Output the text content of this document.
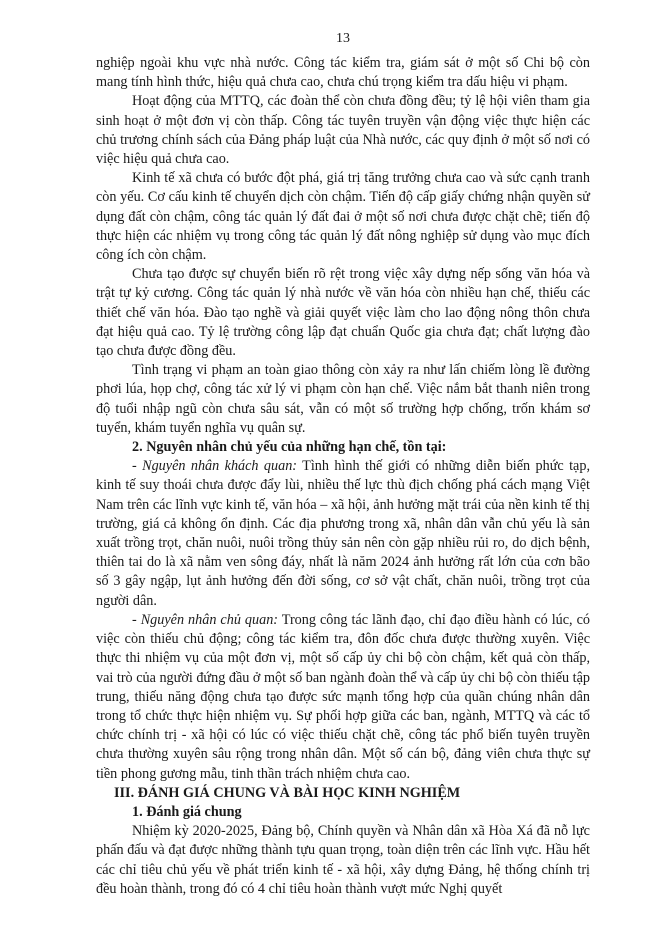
13

nghiệp ngoài khu vực nhà nước. Công tác kiểm tra, giám sát ở một số Chi bộ còn mang tính hình thức, hiệu quả chưa cao, chưa chú trọng kiểm tra dấu hiệu vi phạm.

Hoạt động của MTTQ, các đoàn thể còn chưa đồng đều; tỷ lệ hội viên tham gia sinh hoạt ở một đơn vị còn thấp. Công tác tuyên truyền vận động việc thực hiện các chủ trương chính sách của Đảng pháp luật của Nhà nước, các quy định ở một số nơi có việc hiệu quả chưa cao.

Kinh tế xã chưa có bước đột phá, giá trị tăng trưởng chưa cao và sức cạnh tranh còn yếu. Cơ cấu kinh tế chuyển dịch còn chậm. Tiến độ cấp giấy chứng nhận quyền sử dụng đất còn chậm, công tác quản lý đất đai ở một số nơi chưa được chặt chẽ; tiến độ thực hiện các nhiệm vụ trong công tác quản lý đất nông nghiệp sử dụng vào mục đích công ích còn chậm.

Chưa tạo được sự chuyển biến rõ rệt trong việc xây dựng nếp sống văn hóa và trật tự kỷ cương. Công tác quản lý nhà nước về văn hóa còn nhiều hạn chế, thiếu các thiết chế văn hóa. Đào tạo nghề và giải quyết việc làm cho lao động nông thôn chưa đạt hiệu quả cao. Tỷ lệ trường công lập đạt chuẩn Quốc gia chưa đạt; chất lượng đào tạo chưa được đồng đều.

Tình trạng vi phạm an toàn giao thông còn xảy ra như lấn chiếm lòng lề đường phơi lúa, họp chợ, công tác xử lý vi phạm còn hạn chế. Việc nắm bắt thanh niên trong độ tuổi nhập ngũ còn chưa sâu sát, vẫn có một số trường hợp chống, trốn khám sơ tuyển, khám tuyển nghĩa vụ quân sự.

2. Nguyên nhân chủ yếu của những hạn chế, tồn tại:

- Nguyên nhân khách quan: Tình hình thế giới có những diễn biến phức tạp, kinh tế suy thoái chưa được đẩy lùi, nhiều thế lực thù địch chống phá cách mạng Việt Nam trên các lĩnh vực kinh tế, văn hóa – xã hội, ảnh hưởng mặt trái của nền kinh tế thị trường, giá cả không ổn định. Các địa phương trong xã, nhân dân vẫn chủ yếu là sản xuất trồng trọt, chăn nuôi, nuôi trồng thủy sản nên còn gặp nhiều rủi ro, do dịch bệnh, thiên tai do là xã nằm ven sông đáy, nhất là năm 2024 ảnh hưởng rất lớn của cơn bão số 3 gây ngập, lụt ảnh hưởng đến đời sống, cơ sở vật chất, chăn nuôi, trồng trọt của người dân.

- Nguyên nhân chủ quan: Trong công tác lãnh đạo, chỉ đạo điều hành có lúc, có việc còn thiếu chủ động; công tác kiểm tra, đôn đốc chưa được thường xuyên. Việc thực thi nhiệm vụ của một đơn vị, một số cấp ủy chi bộ còn chậm, kết quả còn thấp, vai trò của người đứng đầu ở một số ban ngành đoàn thể và cấp ủy chi bộ còn thiếu tập trung, thiếu năng động chưa tạo được sức mạnh tổng hợp của quần chúng nhân dân trong tổ chức thực hiện nhiệm vụ. Sự phối hợp giữa các ban, ngành, MTTQ và các tổ chức chính trị - xã hội có lúc có việc thiếu chặt chẽ, công tác phổ biến tuyên truyền chưa thường xuyên sâu rộng trong nhân dân. Một số cán bộ, đảng viên chưa thực sự tiền phong gương mẫu, tinh thần trách nhiệm chưa cao.

III. ĐÁNH GIÁ CHUNG VÀ BÀI HỌC KINH NGHIỆM

1. Đánh giá chung

Nhiệm kỳ 2020-2025, Đảng bộ, Chính quyền và Nhân dân xã Hòa Xá đã nỗ lực phấn đấu và đạt được những thành tựu quan trọng, toàn diện trên các lĩnh vực. Hầu hết các chỉ tiêu chủ yếu về phát triển kinh tế - xã hội, xây dựng Đảng, hệ thống chính trị đều hoàn thành, trong đó có 4 chỉ tiêu hoàn thành vượt mức Nghị quyết
